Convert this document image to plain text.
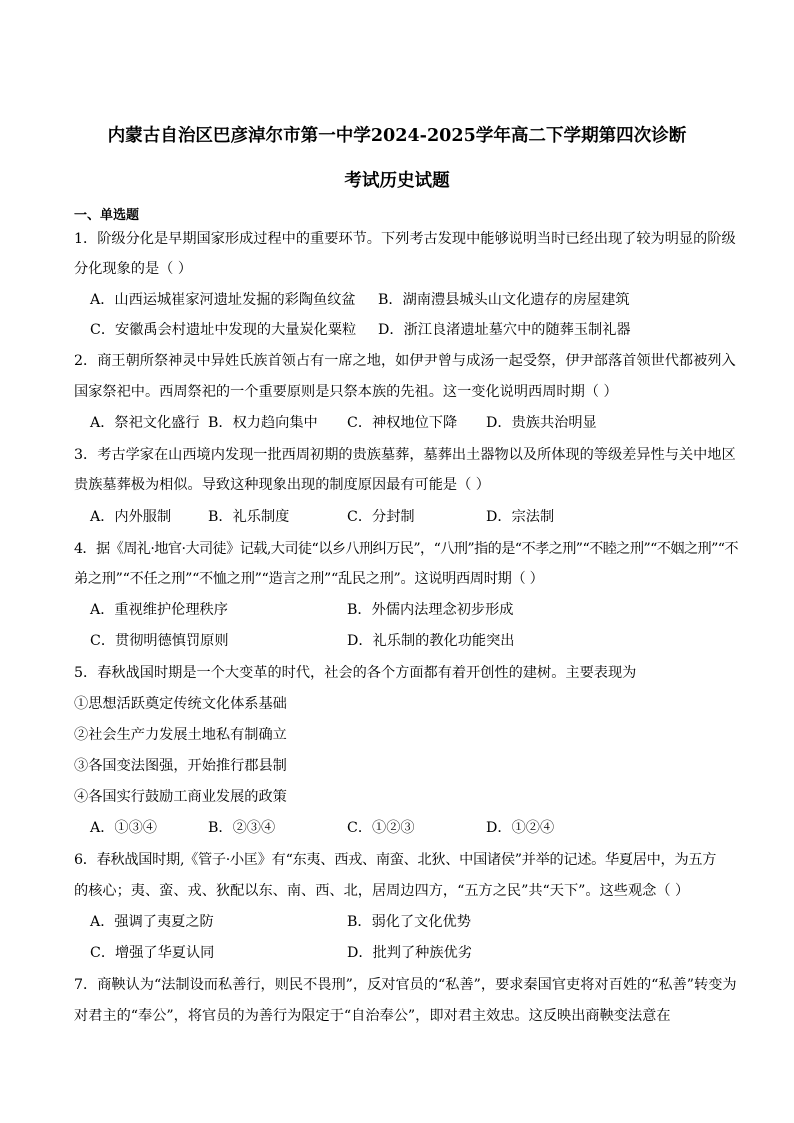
内蒙古自治区巴彦淖尔市第一中学2024-2025学年高二下学期第四次诊断
考试历史试题
一、单选题
1．阶级分化是早期国家形成过程中的重要环节。下列考古发现中能够说明当时已经出现了较为明显的阶级
分化现象的是（ ）
A．山西运城崔家河遗址发掘的彩陶鱼纹盆 B．湖南澧县城头山文化遗存的房屋建筑
C．安徽禹会村遗址中发现的大量炭化粟粒 D．浙江良渚遗址墓穴中的随葬玉制礼器
2．商王朝所祭神灵中异姓氏族首领占有一席之地，如伊尹曾与成汤一起受祭，伊尹部落首领世代都被列入
国家祭祀中。西周祭祀的一个重要原则是只祭本族的先祖。这一变化说明西周时期（ ）
A．祭祀文化盛行 B．权力趋向集中 C．神权地位下降 D．贵族共治明显
3．考古学家在山西境内发现一批西周初期的贵族墓葬，墓葬出土器物以及所体现的等级差异性与关中地区
贵族墓葬极为相似。导致这种现象出现的制度原因最有可能是（ ）
A．内外服制	B．礼乐制度	C．分封制	D．宗法制
4．据《周礼·地官·大司徒》记载,大司徒“以乡八刑纠万民”，“八刑”指的是“不孝之刑”“不睦之刑”“不姻之刑”“不
弟之刑”“不任之刑”“不恤之刑”“造言之刑”“乱民之刑”。这说明西周时期（ ）
A．重视维护伦理秩序	B．外儒内法理念初步形成
C．贯彻明德慎罚原则	D．礼乐制的教化功能突出
5．春秋战国时期是一个大变革的时代，社会的各个方面都有着开创性的建树。主要表现为
①思想活跃奠定传统文化体系基础
②社会生产力发展土地私有制确立
③各国变法图强，开始推行郡县制
④各国实行鼓励工商业发展的政策
A．①③④	B．②③④	C．①②③	D．①②④
6．春秋战国时期,《管子·小匡》有“东夷、西戎、南蛮、北狄、中国诸侯”并举的记述。华夏居中，为五方
的核心；夷、蛮、戎、狄配以东、南、西、北，居周边四方，“五方之民”共“天下”。这些观念（ ）
A．强调了夷夏之防	B．弱化了文化优势
C．增强了华夏认同	D．批判了种族优劣
7．商鞅认为“法制设而私善行，则民不畏刑”，反对官员的“私善”，要求秦国官吏将对百姓的“私善”转变为
对君主的“奉公”，将官员的为善行为限定于“自治奉公”，即对君主效忠。这反映出商鞅变法意在
